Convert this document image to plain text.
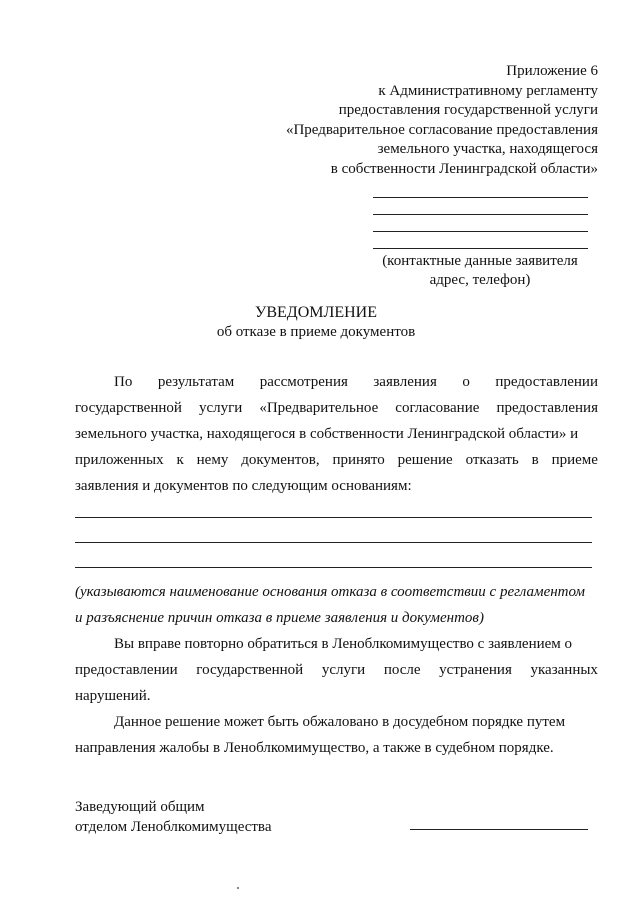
Приложение 6
к Административному регламенту
предоставления государственной услуги
«Предварительное согласование предоставления
земельного участка, находящегося
в собственности Ленинградской области»
(контактные данные заявителя
адрес, телефон)
УВЕДОМЛЕНИЕ
об отказе в приеме документов
По результатам рассмотрения заявления о предоставлении
государственной услуги «Предварительное согласование предоставления
земельного участка, находящегося в собственности Ленинградской области» и
приложенных к нему документов, принято решение отказать в приеме
заявления и документов по следующим основаниям:
(указываются наименование основания отказа в соответствии с регламентом
и разъяснение причин отказа в приеме заявления и документов)
Вы вправе повторно обратиться в Леноблкомимущество с заявлением о
предоставлении государственной услуги после устранения указанных
нарушений.
Данное решение может быть обжаловано в досудебном порядке путем
направления жалобы в Леноблкомимущество, а также в судебном порядке.
Заведующий общим
отделом Леноблкомимущества
